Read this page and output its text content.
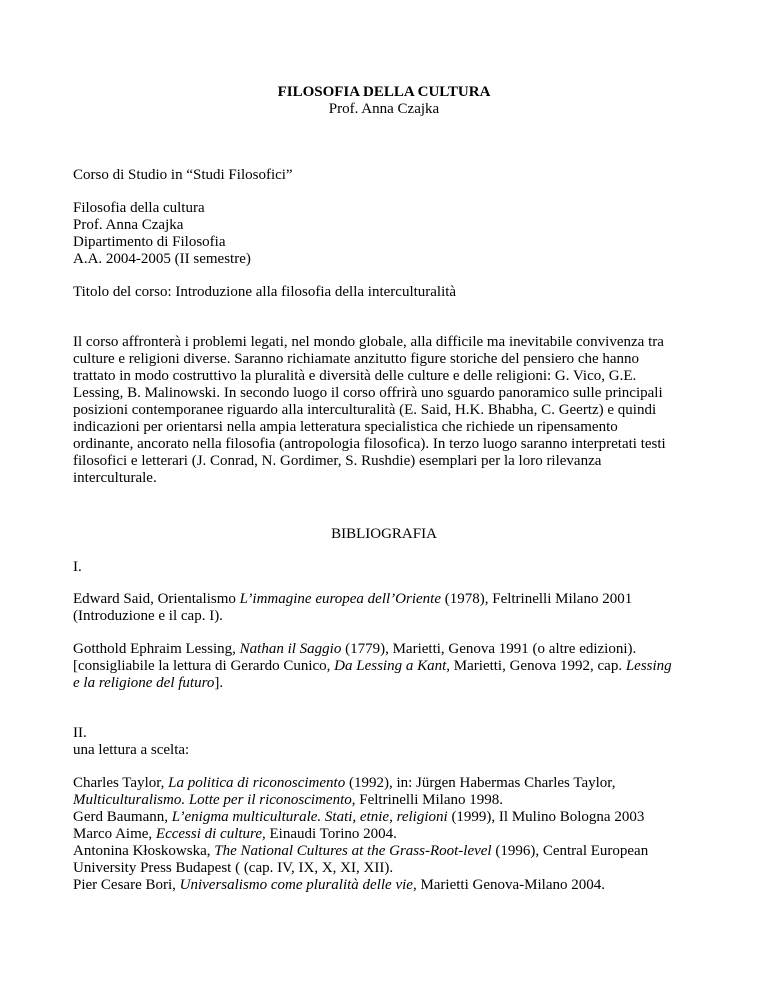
FILOSOFIA DELLA CULTURA

Prof. Anna Czajka

Corso di Studio in “Studi Filosofici”

Filosofia della cultura
Prof. Anna Czajka
Dipartimento di Filosofia
A.A. 2004-2005 (II semestre)

Titolo del corso: Introduzione alla filosofia della interculturalità

Il corso affronterà i problemi legati, nel mondo globale, alla difficile ma inevitabile convivenza tra
culture e religioni diverse. Saranno richiamate anzitutto figure storiche del pensiero che hanno
trattato in modo costruttivo la pluralità e diversità delle culture e delle religioni: G. Vico, G.E.
Lessing, B. Malinowski. In secondo luogo il corso offrirà uno sguardo panoramico sulle principali
posizioni contemporanee riguardo alla interculturalità (E. Said, H.K. Bhabha, C. Geertz) e quindi
indicazioni per orientarsi nella ampia letteratura specialistica che richiede un ripensamento
ordinante, ancorato nella filosofia (antropologia filosofica). In terzo luogo saranno interpretati testi
filosofici e letterari (J. Conrad, N. Gordimer, S. Rushdie) esemplari per la loro rilevanza
interculturale.

BIBLIOGRAFIA

I.

Edward Said, Orientalismo L’immagine europea dell’Oriente (1978), Feltrinelli Milano 2001
(Introduzione e il cap. I).
Gotthold Ephraim Lessing, Nathan il Saggio (1779), Marietti, Genova 1991 (o altre edizioni).
[consigliabile la lettura di Gerardo Cunico, Da Lessing a Kant, Marietti, Genova 1992, cap. Lessing
e la religione del futuro].
II.
una lettura a scelta:
Charles Taylor, La politica di riconoscimento (1992), in: Jürgen Habermas Charles Taylor,
Multiculturalismo. Lotte per il riconoscimento, Feltrinelli Milano 1998.
Gerd Baumann, L’enigma multiculturale. Stati, etnie, religioni (1999), Il Mulino Bologna 2003
Marco Aime, Eccessi di culture, Einaudi Torino 2004.
Antonina Kłoskowska, The National Cultures at the Grass-Root-level (1996), Central European
University Press Budapest ( (cap. IV, IX, X, XI, XII).
Pier Cesare Bori, Universalismo come pluralità delle vie, Marietti Genova-Milano 2004.
